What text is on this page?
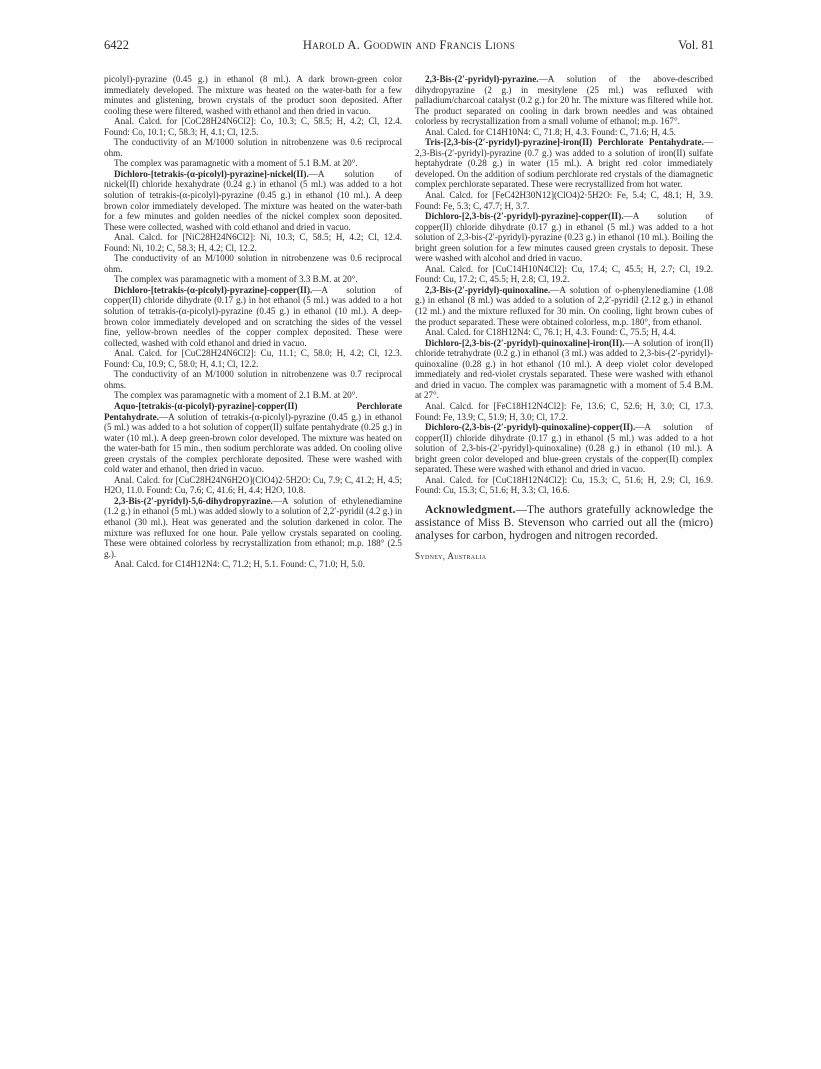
6422	Harold A. Goodwin and Francis Lions	Vol. 81

picolyl)-pyrazine (0.45 g.) in ethanol (8 ml.). A dark brown-green color immediately developed. The mixture was heated on the water-bath for a few minutes and glistening, brown crystals of the product soon deposited. After cooling these were filtered, washed with ethanol and then dried in vacuo.

Anal. Calcd. for [CoC28H24N6Cl2]: Co, 10.3; C, 58.5; H, 4.2; Cl, 12.4. Found: Co, 10.1; C, 58.3; H, 4.1; Cl, 12.5.

The conductivity of an M/1000 solution in nitrobenzene was 0.6 reciprocal ohm.

The complex was paramagnetic with a moment of 5.1 B.M. at 20°.

Dichloro-[tetrakis-(α-picolyl)-pyrazine]-nickel(II).—A solution of nickel(II) chloride hexahydrate (0.24 g.) in ethanol (5 ml.) was added to a hot solution of tetrakis-(α-picolyl)-pyrazine (0.45 g.) in ethanol (10 ml.). A deep brown color immediately developed. The mixture was heated on the water-bath for a few minutes and golden needles of the nickel complex soon deposited. These were collected, washed with cold ethanol and dried in vacuo.

Anal. Calcd. for [NiC28H24N6Cl2]: Ni, 10.3; C, 58.5; H, 4.2; Cl, 12.4. Found: Ni, 10.2; C, 58.3; H, 4.2; Cl, 12.2.

The conductivity of an M/1000 solution in nitrobenzene was 0.6 reciprocal ohm.

The complex was paramagnetic with a moment of 3.3 B.M. at 20°.

Dichloro-[tetrakis-(α-picolyl)-pyrazine]-copper(II).—A solution of copper(II) chloride dihydrate (0.17 g.) in hot ethanol (5 ml.) was added to a hot solution of tetrakis-(α-picolyl)-pyrazine (0.45 g.) in ethanol (10 ml.). A deep-brown color immediately developed and on scratching the sides of the vessel fine, yellow-brown needles of the copper complex deposited. These were collected, washed with cold ethanol and dried in vacuo.

Anal. Calcd. for [CuC28H24N6Cl2]: Cu, 11.1; C, 58.0; H, 4.2; Cl, 12.3. Found: Cu, 10.9; C, 58.0; H, 4.1; Cl, 12.2.

The conductivity of an M/1000 solution in nitrobenzene was 0.7 reciprocal ohms.

The complex was paramagnetic with a moment of 2.1 B.M. at 20°.

Aquo-[tetrakis-(α-picolyl)-pyrazine]-copper(II) Perchlorate Pentahydrate.—A solution of tetrakis-(α-picolyl)-pyrazine (0.45 g.) in ethanol (5 ml.) was added to a hot solution of copper(II) sulfate pentahydrate (0.25 g.) in water (10 ml.). A deep green-brown color developed. The mixture was heated on the water-bath for 15 min., then sodium perchlorate was added. On cooling olive green crystals of the complex perchlorate deposited. These were washed with cold water and ethanol, then dried in vacuo.

Anal. Calcd. for [CuC28H24N6H2O](ClO4)2·5H2O: Cu, 7.9; C, 41.2; H, 4.5; H2O, 11.0. Found: Cu, 7.6; C, 41.6; H, 4.4; H2O, 10.8.

2,3-Bis-(2′-pyridyl)-5,6-dihydropyrazine.—A solution of ethylenediamine (1.2 g.) in ethanol (5 ml.) was added slowly to a solution of 2,2′-pyridil (4.2 g.) in ethanol (30 ml.). Heat was generated and the solution darkened in color. The mixture was refluxed for one hour. Pale yellow crystals separated on cooling. These were obtained colorless by recrystallization from ethanol; m.p. 188° (2.5 g.).

Anal. Calcd. for C14H12N4: C, 71.2; H, 5.1. Found: C, 71.0; H, 5.0.

2,3-Bis-(2′-pyridyl)-pyrazine.—A solution of the above-described dihydropyrazine (2 g.) in mesitylene (25 ml.) was refluxed with palladium/charcoal catalyst (0.2 g.) for 20 hr. The mixture was filtered while hot. The product separated on cooling in dark brown needles and was obtained colorless by recrystallization from a small volume of ethanol; m.p. 167°.

Anal. Calcd. for C14H10N4: C, 71.8; H, 4.3. Found: C, 71.6; H, 4.5.

Tris-[2,3-bis-(2′-pyridyl)-pyrazine]-iron(II) Perchlorate Pentahydrate.—2,3-Bis-(2′-pyridyl)-pyrazine (0.7 g.) was added to a solution of iron(II) sulfate heptahydrate (0.28 g.) in water (15 ml.). A bright red color immediately developed. On the addition of sodium perchlorate red crystals of the diamagnetic complex perchlorate separated. These were recrystallized from hot water.

Anal. Calcd. for [FeC42H30N12](ClO4)2·5H2O: Fe, 5.4; C, 48.1; H, 3.9. Found: Fe, 5.3; C, 47.7; H, 3.7.

Dichloro-[2,3-bis-(2′-pyridyl)-pyrazine]-copper(II).—A solution of copper(II) chloride dihydrate (0.17 g.) in ethanol (5 ml.) was added to a hot solution of 2,3-bis-(2′-pyridyl)-pyrazine (0.23 g.) in ethanol (10 ml.). Boiling the bright green solution for a few minutes caused green crystals to deposit. These were washed with alcohol and dried in vacuo.

Anal. Calcd. for [CuC14H10N4Cl2]: Cu, 17.4; C, 45.5; H, 2.7; Cl, 19.2. Found: Cu, 17.2; C, 45.5; H, 2.8; Cl, 19.2.

2,3-Bis-(2′-pyridyl)-quinoxaline.—A solution of o-phenylenediamine (1.08 g.) in ethanol (8 ml.) was added to a solution of 2,2′-pyridil (2.12 g.) in ethanol (12 ml.) and the mixture refluxed for 30 min. On cooling, light brown cubes of the product separated. These were obtained colorless, m.p. 180°, from ethanol.

Anal. Calcd. for C18H12N4: C, 76.1; H, 4.3. Found: C, 75.5; H, 4.4.

Dichloro-[2,3-bis-(2′-pyridyl)-quinoxaline]-iron(II).—A solution of iron(II) chloride tetrahydrate (0.2 g.) in ethanol (3 ml.) was added to 2,3-bis-(2′-pyridyl)-quinoxaline (0.28 g.) in hot ethanol (10 ml.). A deep violet color developed immediately and red-violet crystals separated. These were washed with ethanol and dried in vacuo. The complex was paramagnetic with a moment of 5.4 B.M. at 27°.

Anal. Calcd. for [FeC18H12N4Cl2]: Fe, 13.6; C, 52.6; H, 3.0; Cl, 17.3. Found: Fe, 13.9; C, 51.9; H, 3.0; Cl, 17.2.

Dichloro-(2,3-bis-(2′-pyridyl)-quinoxaline)-copper(II).—A solution of copper(II) chloride dihydrate (0.17 g.) in ethanol (5 ml.) was added to a hot solution of 2,3-bis-(2′-pyridyl)-quinoxaline) (0.28 g.) in ethanol (10 ml.). A bright green color developed and blue-green crystals of the copper(II) complex separated. These were washed with ethanol and dried in vacuo.

Anal. Calcd. for [CuC18H12N4Cl2]: Cu, 15.3; C, 51.6; H, 2.9; Cl, 16.9. Found: Cu, 15.3; C, 51.6; H, 3.3; Cl, 16.6.

Acknowledgment.—The authors gratefully acknowledge the assistance of Miss B. Stevenson who carried out all the (micro) analyses for carbon, hydrogen and nitrogen recorded.

Sydney, Australia
